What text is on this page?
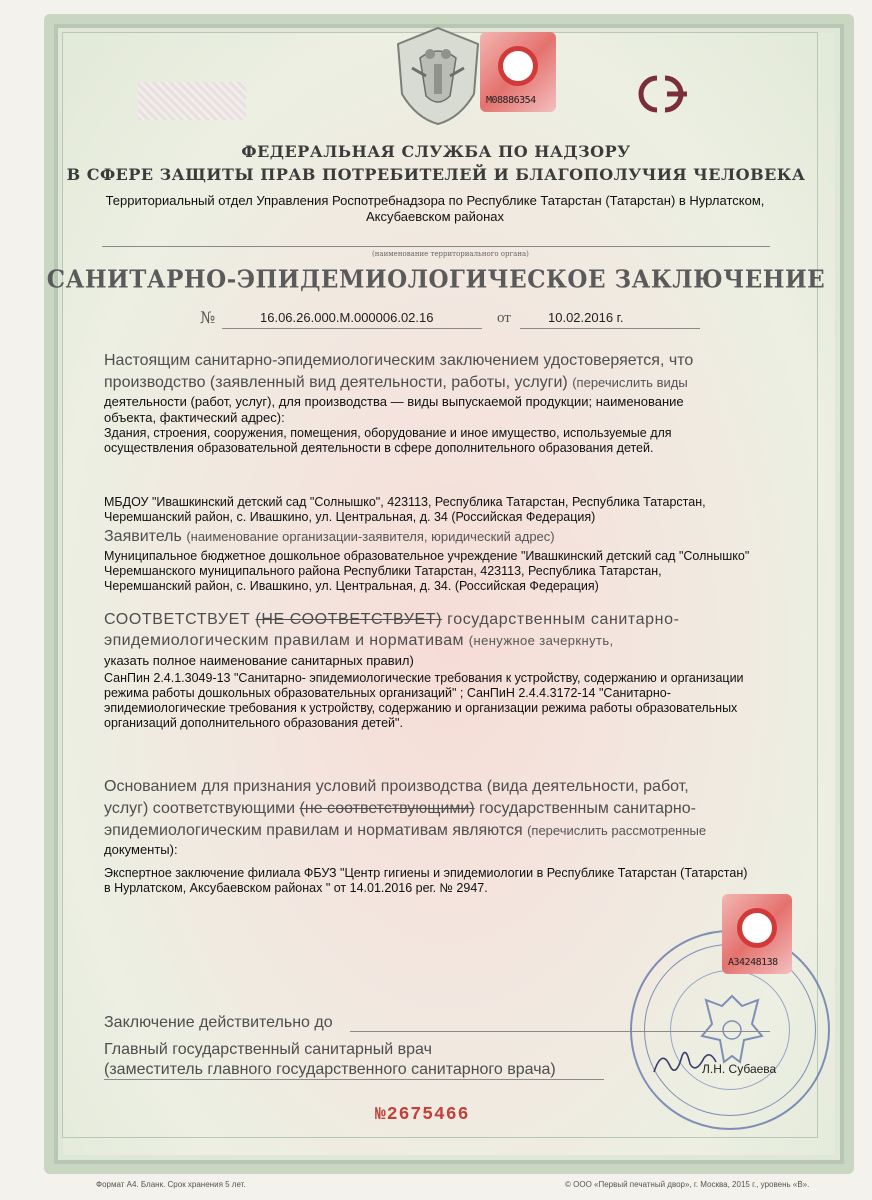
M08886354
ФЕДЕРАЛЬНАЯ СЛУЖБА ПО НАДЗОРУ
В СФЕРЕ ЗАЩИТЫ ПРАВ ПОТРЕБИТЕЛЕЙ И БЛАГОПОЛУЧИЯ ЧЕЛОВЕКА
Территориальный отдел Управления Роспотребнадзора по Республике Татарстан (Татарстан) в Нурлатском,
Аксубаевском районах
(наименование территориального органа)
САНИТАРНО-ЭПИДЕМИОЛОГИЧЕСКОЕ ЗАКЛЮЧЕНИЕ
№	16.06.26.000.М.000006.02.16	от	10.02.2016 г.
Настоящим санитарно-эпидемиологическим заключением удостоверяется, что
производство (заявленный вид деятельности, работы, услуги) (перечислить виды
деятельности (работ, услуг), для производства — виды выпускаемой продукции; наименование
объекта, фактический адрес):
Здания, строения, сооружения, помещения, оборудование и иное имущество, используемые для
осуществления образовательной деятельности в сфере дополнительного образования детей.
МБДОУ "Ивашкинский детский сад "Солнышко", 423113, Республика Татарстан, Республика Татарстан,
Черемшанский район, с. Ивашкино, ул. Центральная, д. 34 (Российская Федерация)
Заявитель (наименование организации-заявителя, юридический адрес)
Муниципальное бюджетное дошкольное образовательное учреждение "Ивашкинский детский сад "Солнышко"
Черемшанского муниципального района Республики Татарстан, 423113, Республика Татарстан,
Черемшанский район, с. Ивашкино, ул. Центральная, д. 34. (Российская Федерация)
СООТВЕТСТВУЕТ (НЕ СООТВЕТСТВУЕТ) государственным санитарно-
эпидемиологическим правилам и нормативам (ненужное зачеркнуть,
указать полное наименование санитарных правил)
СанПин 2.4.1.3049-13 "Санитарно- эпидемиологические требования к устройству, содержанию и организации
режима работы дошкольных образовательных организаций" ; СанПиН 2.4.4.3172-14 "Санитарно-
эпидемиологические требования к устройству, содержанию и организации режима работы образовательных
организаций дополнительного образования детей".
Основанием для признания условий производства (вида деятельности, работ,
услуг) соответствующими (не соответствующими) государственным санитарно-
эпидемиологическим правилам и нормативам являются (перечислить рассмотренные
документы):
Экспертное заключение филиала ФБУЗ "Центр гигиены и эпидемиологии в Республике Татарстан (Татарстан)
в Нурлатском, Аксубаевском районах " от 14.01.2016 рег. № 2947.
A34248138
Заключение действительно до
Главный государственный санитарный врач
(заместитель главного государственного санитарного врача)	Л.Н. Субаева
№2675466
Формат А4. Бланк. Срок хранения 5 лет.	© ООО «Первый печатный двор», г. Москва, 2015 г., уровень «В».
